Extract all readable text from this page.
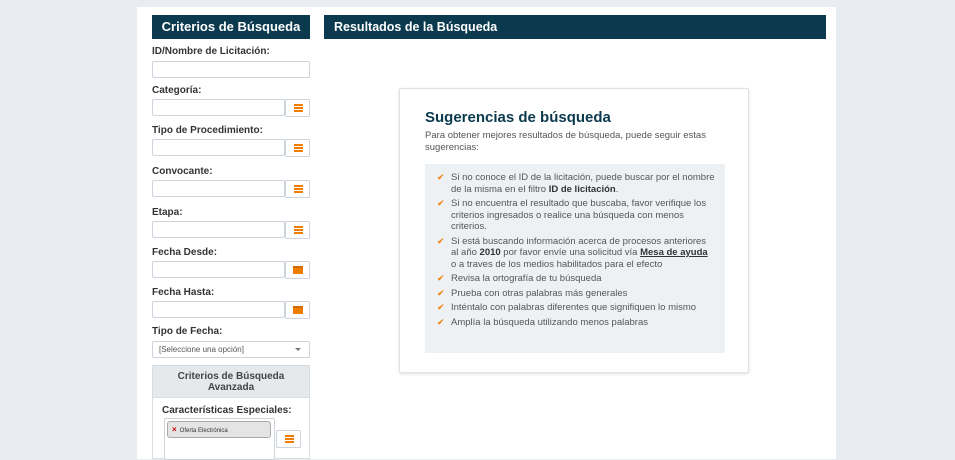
Criterios de Búsqueda	Resultados de la Búsqueda
ID/Nombre de Licitación:
Categoría:
Tipo de Procedimiento:
Convocante:
Etapa:
Fecha Desde:
Fecha Hasta:
Tipo de Fecha:
[Seleccione una opción]
Criterios de Búsqueda
Avanzada
Características Especiales:
× Oferta Electrónica
Sugerencias de búsqueda
Para obtener mejores resultados de búsqueda, puede seguir estas sugerencias:
✔ Si no conoce el ID de la licitación, puede buscar por el nombre de la misma en el filtro ID de licitación.
✔ Si no encuentra el resultado que buscaba, favor verifique los criterios ingresados o realice una búsqueda con menos criterios.
✔ Si está buscando información acerca de procesos anteriores al año 2010 por favor envíe una solicitud vía Mesa de ayuda o a traves de los medios habilitados para el efecto
✔ Revisa la ortografía de tu búsqueda
✔ Prueba con otras palabras más generales
✔ Inténtalo con palabras diferentes que signifiquen lo mismo
✔ Amplía la búsqueda utilizando menos palabras
